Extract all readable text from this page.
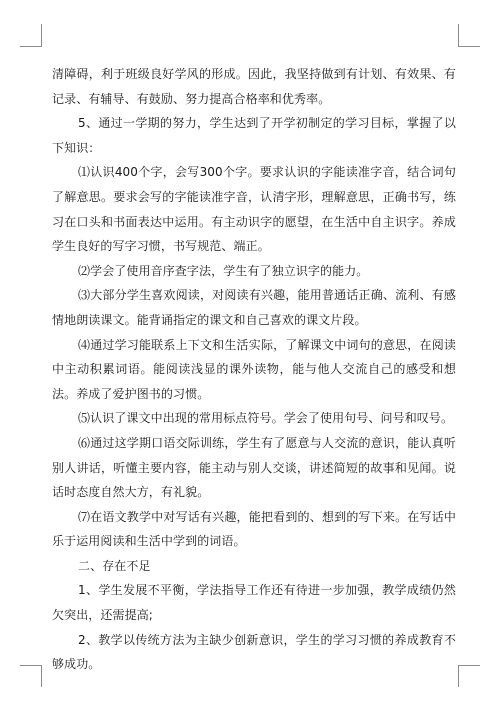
清障碍，利于班级良好学风的形成。因此，我坚持做到有计划、有效果、有记录、有辅导、有鼓励、努力提高合格率和优秀率。

5、通过一学期的努力，学生达到了开学初制定的学习目标，掌握了以下知识：

⑴认识400个字，会写300个字。要求认识的字能读准字音，结合词句了解意思。要求会写的字能读准字音，认清字形，理解意思，正确书写，练习在口头和书面表达中运用。有主动识字的愿望，在生活中自主识字。养成学生良好的写字习惯，书写规范、端正。

⑵学会了使用音序查字法，学生有了独立识字的能力。

⑶大部分学生喜欢阅读，对阅读有兴趣，能用普通话正确、流利、有感情地朗读课文。能背诵指定的课文和自己喜欢的课文片段。

⑷通过学习能联系上下文和生活实际，了解课文中词句的意思，在阅读中主动积累词语。能阅读浅显的课外读物，能与他人交流自己的感受和想法。养成了爱护图书的习惯。

⑸认识了课文中出现的常用标点符号。学会了使用句号、问号和叹号。

⑹通过这学期口语交际训练，学生有了愿意与人交流的意识，能认真听别人讲话，听懂主要内容，能主动与别人交谈，讲述简短的故事和见闻。说话时态度自然大方，有礼貌。

⑺在语文教学中对写话有兴趣，能把看到的、想到的写下来。在写话中乐于运用阅读和生活中学到的词语。

二、存在不足

1、学生发展不平衡，学法指导工作还有待进一步加强，教学成绩仍然欠突出，还需提高;

2、教学以传统方法为主缺少创新意识，学生的学习习惯的养成教育不够成功。
